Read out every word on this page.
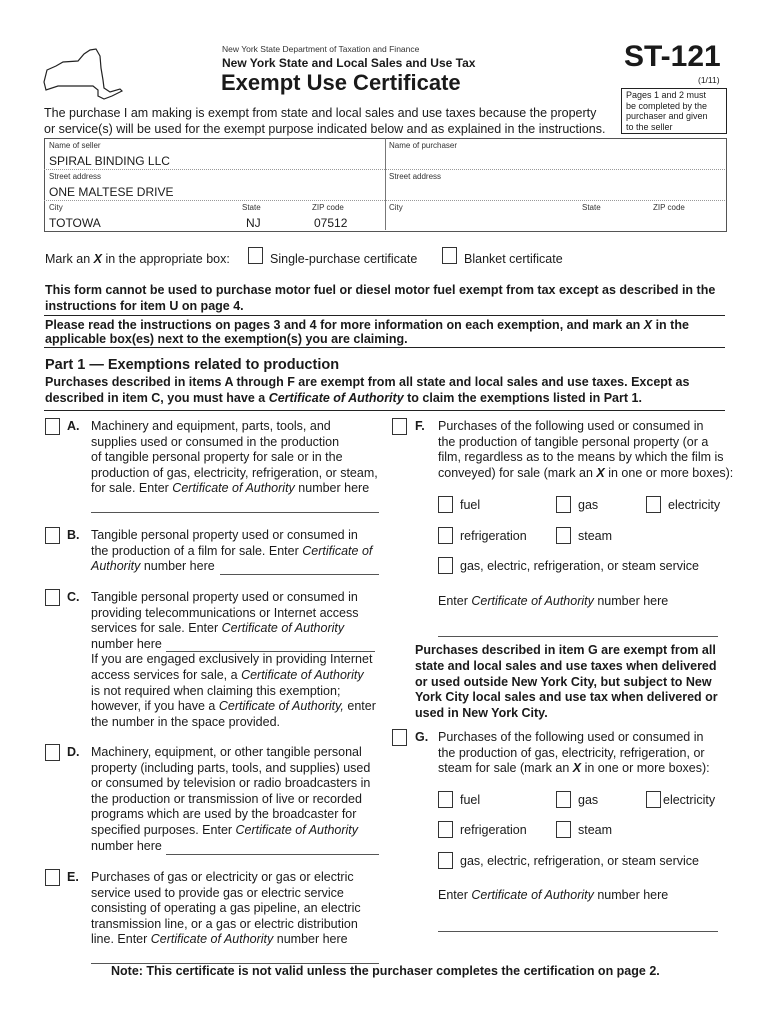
New York State Department of Taxation and Finance
New York State and Local Sales and Use Tax
Exempt Use Certificate
ST-121
(1/11)
Pages 1 and 2 must
be completed by the
purchaser and given
to the seller
The purchase I am making is exempt from state and local sales and use taxes because the property
or service(s) will be used for the exempt purpose indicated below and as explained in the instructions.
Name of seller
SPIRAL BINDING LLC
Street address
ONE MALTESE DRIVE
City
TOTOWA
State
NJ
ZIP code
07512
Name of purchaser
Street address
City	State	ZIP code
Mark an X in the appropriate box:	Single-purchase certificate	Blanket certificate
This form cannot be used to purchase motor fuel or diesel motor fuel exempt from tax except as described in the
instructions for item U on page 4.
Please read the instructions on pages 3 and 4 for more information on each exemption, and mark an X in the
applicable box(es) next to the exemption(s) you are claiming.
Part 1 — Exemptions related to production
Purchases described in items A through F are exempt from all state and local sales and use taxes. Except as
described in item C, you must have a Certificate of Authority to claim the exemptions listed in Part 1.
A. Machinery and equipment, parts, tools, and
supplies used or consumed in the production
of tangible personal property for sale or in the
production of gas, electricity, refrigeration, or steam,
for sale. Enter Certificate of Authority number here
B. Tangible personal property used or consumed in
the production of a film for sale. Enter Certificate of
Authority number here
C. Tangible personal property used or consumed in
providing telecommunications or Internet access
services for sale. Enter Certificate of Authority
number here
If you are engaged exclusively in providing Internet
access services for sale, a Certificate of Authority
is not required when claiming this exemption;
however, if you have a Certificate of Authority, enter
the number in the space provided.
D. Machinery, equipment, or other tangible personal
property (including parts, tools, and supplies) used
or consumed by television or radio broadcasters in
the production or transmission of live or recorded
programs which are used by the broadcaster for
specified purposes. Enter Certificate of Authority
number here
E. Purchases of gas or electricity or gas or electric
service used to provide gas or electric service
consisting of operating a gas pipeline, an electric
transmission line, or a gas or electric distribution
line. Enter Certificate of Authority number here
F. Purchases of the following used or consumed in
the production of tangible personal property (or a
film, regardless as to the means by which the film is
conveyed) for sale (mark an X in one or more boxes):
fuel	gas	electricity
refrigeration	steam
gas, electric, refrigeration, or steam service
Enter Certificate of Authority number here
Purchases described in item G are exempt from all
state and local sales and use taxes when delivered
or used outside New York City, but subject to New
York City local sales and use tax when delivered or
used in New York City.
G. Purchases of the following used or consumed in
the production of gas, electricity, refrigeration, or
steam for sale (mark an X in one or more boxes):
fuel	gas	electricity
refrigeration	steam
gas, electric, refrigeration, or steam service
Enter Certificate of Authority number here
Note: This certificate is not valid unless the purchaser completes the certification on page 2.
